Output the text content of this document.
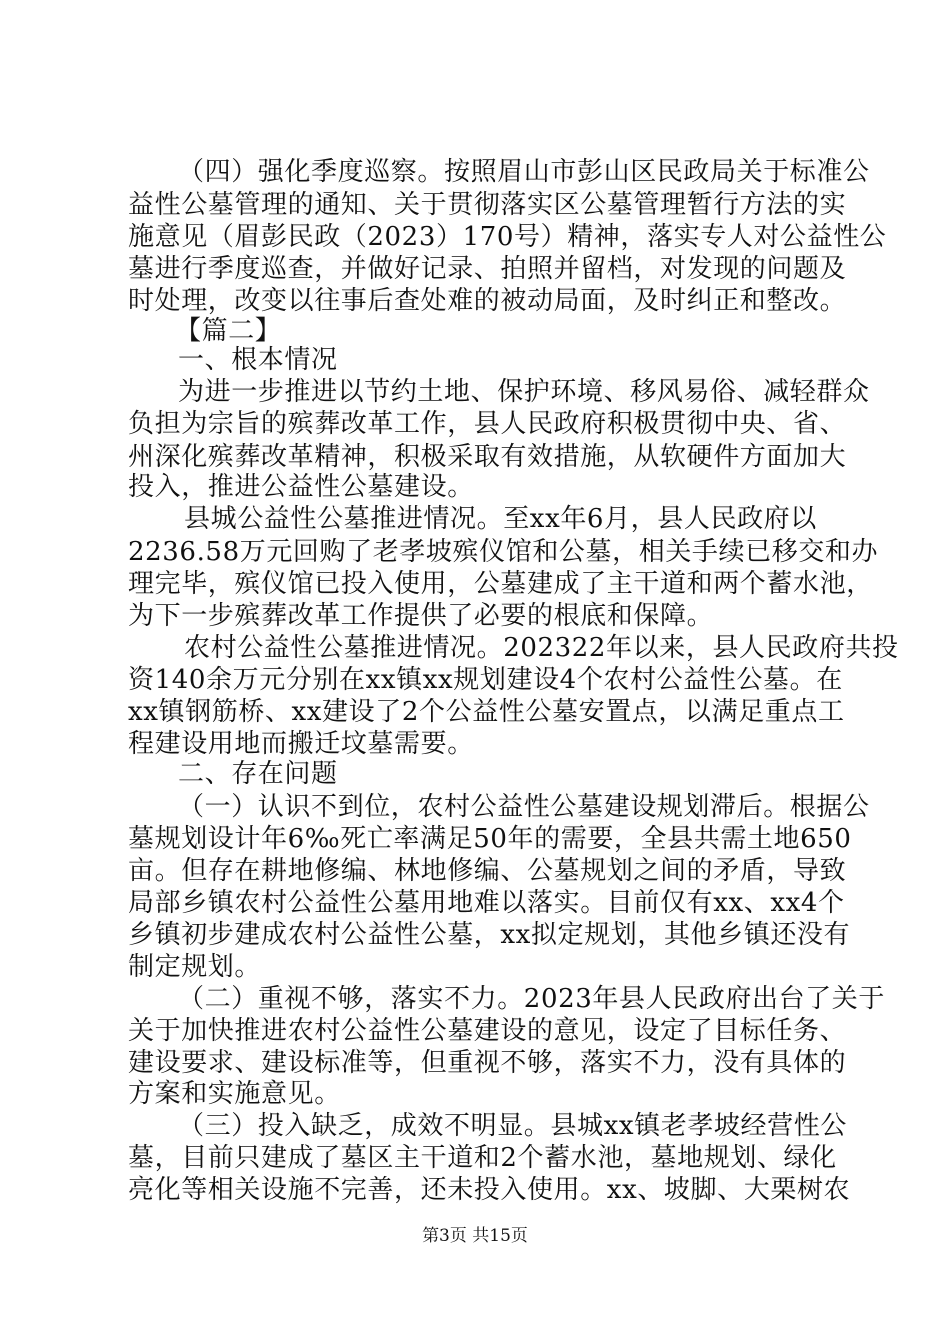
（四）强化季度巡察。按照眉山市彭山区民政局关于标准公
益性公墓管理的通知、关于贯彻落实区公墓管理暂行方法的实
施意见（眉彭民政（2023）170号）精神，落实专人对公益性公
墓进行季度巡查，并做好记录、拍照并留档，对发现的问题及
时处理，改变以往事后查处难的被动局面，及时纠正和整改。
【篇二】
一、根本情况
为进一步推进以节约土地、保护环境、移风易俗、减轻群众
负担为宗旨的殡葬改革工作，县人民政府积极贯彻中央、省、
州深化殡葬改革精神，积极采取有效措施，从软硬件方面加大
投入，推进公益性公墓建设。
县城公益性公墓推进情况。至xx年6月，县人民政府以
2236.58万元回购了老孝坡殡仪馆和公墓，相关手续已移交和办
理完毕，殡仪馆已投入使用，公墓建成了主干道和两个蓄水池，
为下一步殡葬改革工作提供了必要的根底和保障。
农村公益性公墓推进情况。202322年以来，县人民政府共投
资140余万元分别在xx镇xx规划建设4个农村公益性公墓。在
xx镇钢筋桥、xx建设了2个公益性公墓安置点，以满足重点工
程建设用地而搬迁坟墓需要。
二、存在问题
（一）认识不到位，农村公益性公墓建设规划滞后。根据公
墓规划设计年6‰死亡率满足50年的需要，全县共需土地650
亩。但存在耕地修编、林地修编、公墓规划之间的矛盾，导致
局部乡镇农村公益性公墓用地难以落实。目前仅有xx、xx4个
乡镇初步建成农村公益性公墓，xx拟定规划，其他乡镇还没有
制定规划。
（二）重视不够，落实不力。2023年县人民政府出台了关于
关于加快推进农村公益性公墓建设的意见，设定了目标任务、
建设要求、建设标准等，但重视不够，落实不力，没有具体的
方案和实施意见。
（三）投入缺乏，成效不明显。县城xx镇老孝坡经营性公
墓，目前只建成了墓区主干道和2个蓄水池，墓地规划、绿化
亮化等相关设施不完善，还未投入使用。xx、坡脚、大栗树农
第3页 共15页
